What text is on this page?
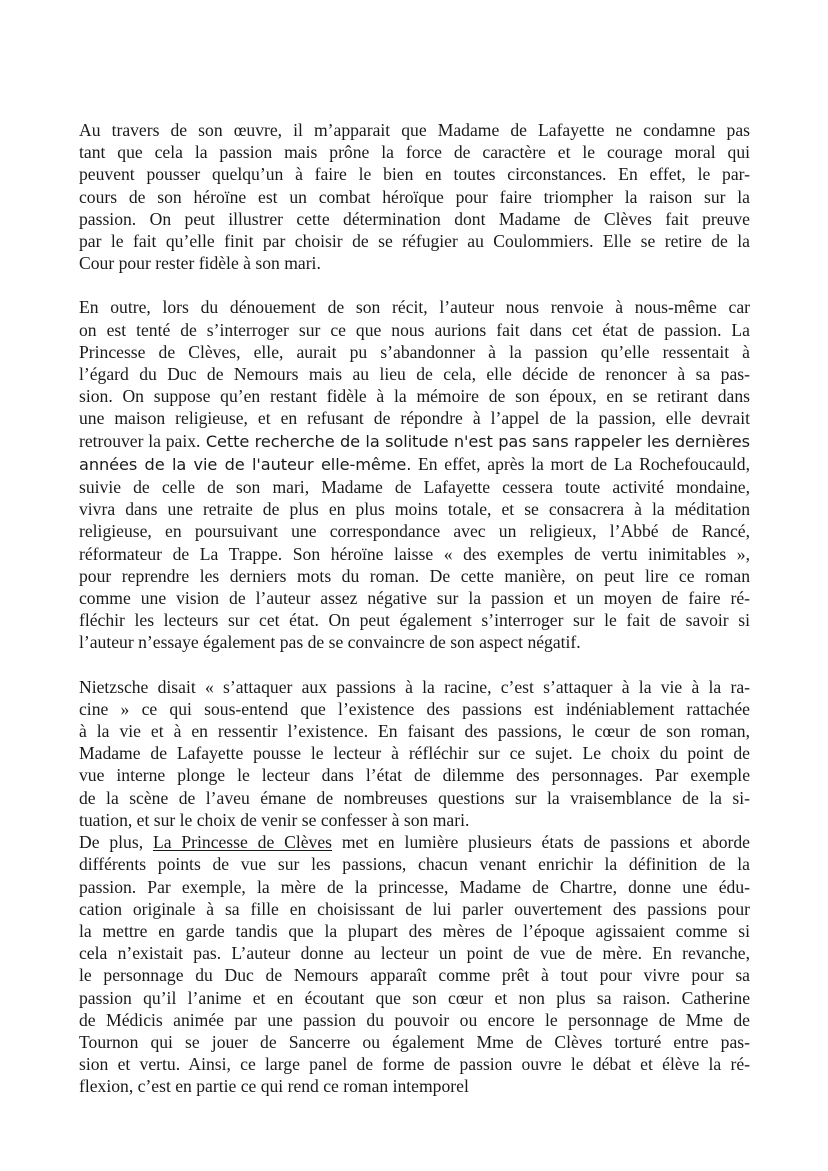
Au travers de son œuvre, il m’apparait que Madame de Lafayette ne condamne pas
tant que cela la passion mais prône la force de caractère et le courage moral qui
peuvent pousser quelqu’un à faire le bien en toutes circonstances. En effet, le par-
cours de son héroïne est un combat héroïque pour faire triompher la raison sur la
passion. On peut illustrer cette détermination dont Madame de Clèves fait preuve
par le fait qu’elle finit par choisir de se réfugier au Coulommiers. Elle se retire de la
Cour pour rester fidèle à son mari.
En outre, lors du dénouement de son récit, l’auteur nous renvoie à nous-même car
on est tenté de s’interroger sur ce que nous aurions fait dans cet état de passion. La
Princesse de Clèves, elle, aurait pu s’abandonner à la passion qu’elle ressentait à
l’égard du Duc de Nemours mais au lieu de cela, elle décide de renoncer à sa pas-
sion. On suppose qu’en restant fidèle à la mémoire de son époux, en se retirant dans
une maison religieuse, et en refusant de répondre à l’appel de la passion, elle devrait
retrouver la paix. Cette recherche de la solitude n'est pas sans rappeler les dernières
années de la vie de l'auteur elle-même. En effet, après la mort de La Rochefoucauld,
suivie de celle de son mari, Madame de Lafayette cessera toute activité mondaine,
vivra dans une retraite de plus en plus moins totale, et se consacrera à la méditation
religieuse, en poursuivant une correspondance avec un religieux, l’Abbé de Rancé,
réformateur de La Trappe. Son héroïne laisse « des exemples de vertu inimitables »,
pour reprendre les derniers mots du roman. De cette manière, on peut lire ce roman
comme une vision de l’auteur assez négative sur la passion et un moyen de faire ré-
fléchir les lecteurs sur cet état. On peut également s’interroger sur le fait de savoir si
l’auteur n’essaye également pas de se convaincre de son aspect négatif.
Nietzsche disait « s’attaquer aux passions à la racine, c’est s’attaquer à la vie à la ra-
cine » ce qui sous-entend que l’existence des passions est indéniablement rattachée
à la vie et à en ressentir l’existence. En faisant des passions, le cœur de son roman,
Madame de Lafayette pousse le lecteur à réfléchir sur ce sujet. Le choix du point de
vue interne plonge le lecteur dans l’état de dilemme des personnages. Par exemple
de la scène de l’aveu émane de nombreuses questions sur la vraisemblance de la si-
tuation, et sur le choix de venir se confesser à son mari.
De plus, La Princesse de Clèves met en lumière plusieurs états de passions et aborde
différents points de vue sur les passions, chacun venant enrichir la définition de la
passion. Par exemple, la mère de la princesse, Madame de Chartre, donne une édu-
cation originale à sa fille en choisissant de lui parler ouvertement des passions pour
la mettre en garde tandis que la plupart des mères de l’époque agissaient comme si
cela n’existait pas. L’auteur donne au lecteur un point de vue de mère. En revanche,
le personnage du Duc de Nemours apparaît comme prêt à tout pour vivre pour sa
passion qu’il l’anime et en écoutant que son cœur et non plus sa raison. Catherine
de Médicis animée par une passion du pouvoir ou encore le personnage de Mme de
Tournon qui se jouer de Sancerre ou également Mme de Clèves torturé entre pas-
sion et vertu. Ainsi, ce large panel de forme de passion ouvre le débat et élève la ré-
flexion, c’est en partie ce qui rend ce roman intemporel
